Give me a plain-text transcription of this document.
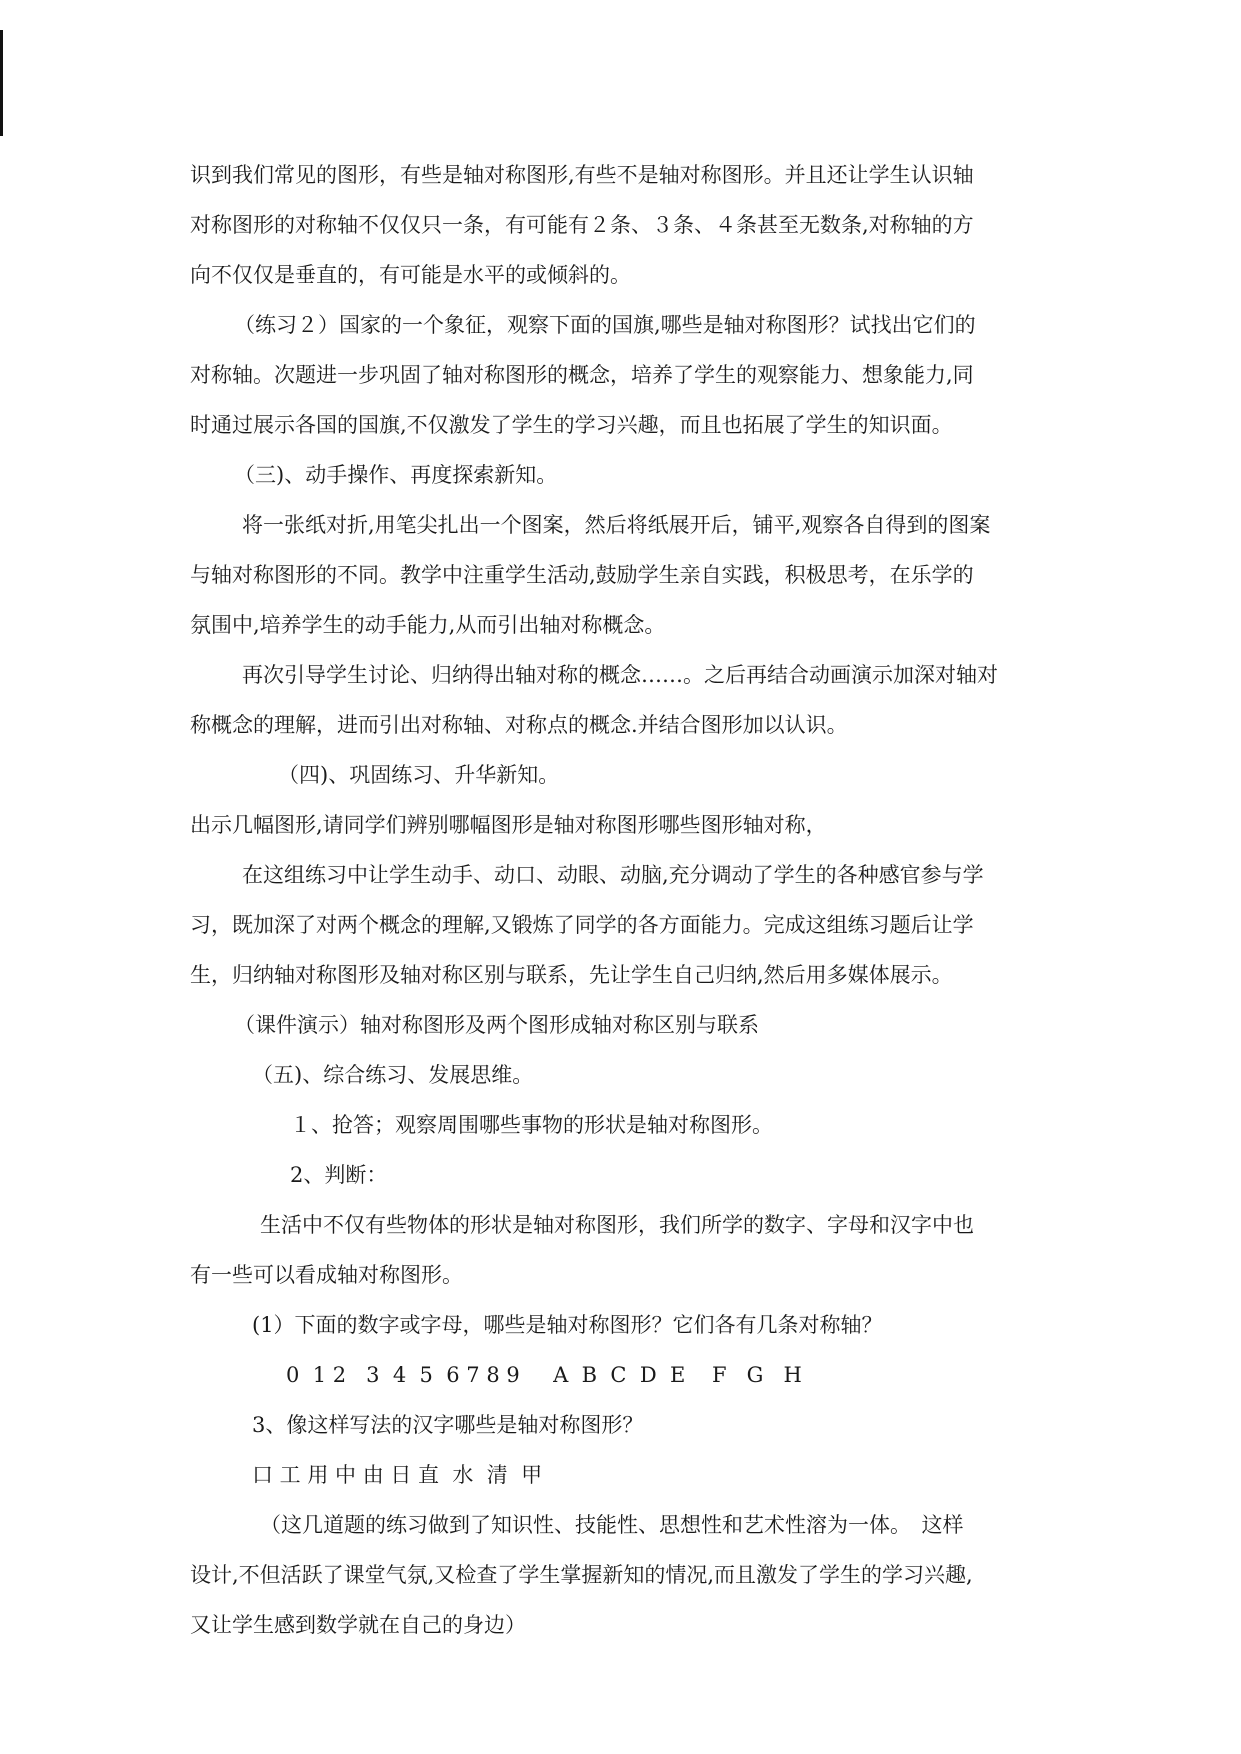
识到我们常见的图形，有些是轴对称图形,有些不是轴对称图形。并且还让学生认识轴
对称图形的对称轴不仅仅只一条，有可能有２条、３条、４条甚至无数条,对称轴的方
向不仅仅是垂直的，有可能是水平的或倾斜的。
（练习２）国家的一个象征，观察下面的国旗,哪些是轴对称图形？试找出它们的
对称轴。次题进一步巩固了轴对称图形的概念，培养了学生的观察能力、想象能力,同
时通过展示各国的国旗,不仅激发了学生的学习兴趣，而且也拓展了学生的知识面。
（三)、动手操作、再度探索新知。
将一张纸对折,用笔尖扎出一个图案，然后将纸展开后，铺平,观察各自得到的图案
与轴对称图形的不同。教学中注重学生活动,鼓励学生亲自实践，积极思考，在乐学的
氛围中,培养学生的动手能力,从而引出轴对称概念。
再次引导学生讨论、归纳得出轴对称的概念……。之后再结合动画演示加深对轴对
称概念的理解，进而引出对称轴、对称点的概念.并结合图形加以认识。
（四)、巩固练习、升华新知。
出示几幅图形,请同学们辨别哪幅图形是轴对称图形哪些图形轴对称，
在这组练习中让学生动手、动口、动眼、动脑,充分调动了学生的各种感官参与学
习，既加深了对两个概念的理解,又锻炼了同学的各方面能力。完成这组练习题后让学
生，归纳轴对称图形及轴对称区别与联系，先让学生自己归纳,然后用多媒体展示。
（课件演示）轴对称图形及两个图形成轴对称区别与联系
（五)、综合练习、发展思维。
１、抢答；观察周围哪些事物的形状是轴对称图形。
2、判断：
生活中不仅有些物体的形状是轴对称图形，我们所学的数字、字母和汉字中也
有一些可以看成轴对称图形。
(1）下面的数字或字母，哪些是轴对称图形？它们各有几条对称轴？
0  1 2   3  4  5  6 7 8 9     A  B  C  D  E    F   G   H
3、像这样写法的汉字哪些是轴对称图形？
口 工 用 中 由 日 直  水  清  甲
（这几道题的练习做到了知识性、技能性、思想性和艺术性溶为一体。　这样
设计,不但活跃了课堂气氛,又检查了学生掌握新知的情况,而且激发了学生的学习兴趣,
又让学生感到数学就在自己的身边）
